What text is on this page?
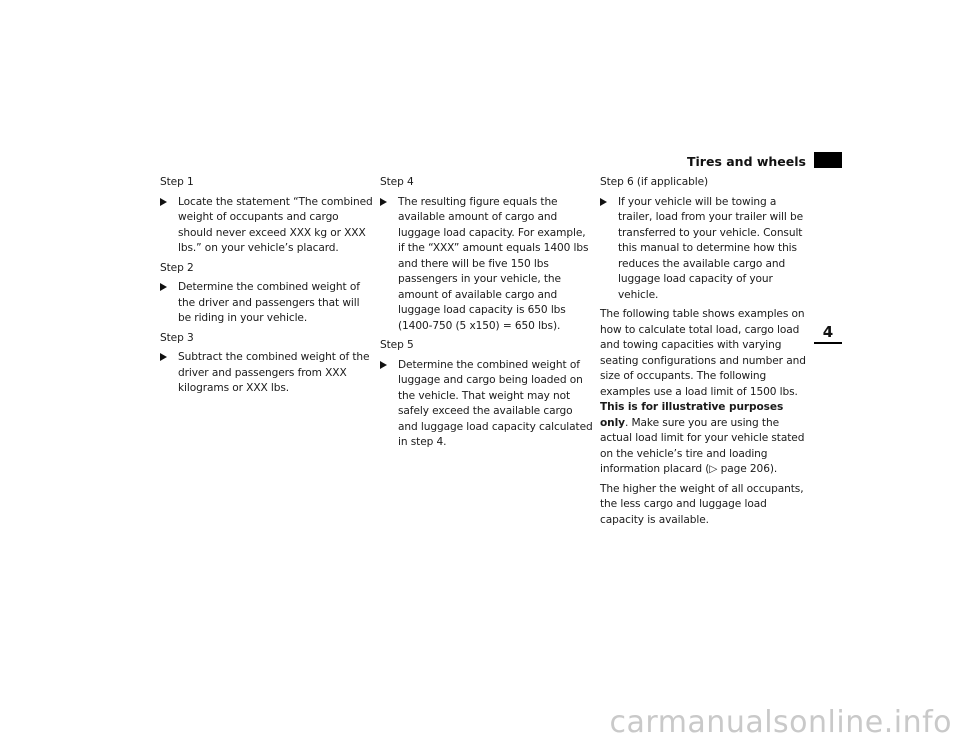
Tires and wheels
4
Step 1
Locate the statement “The combined weight of occupants and cargo should never exceed XXX kg or XXX lbs.” on your vehicle’s placard.
Step 2
Determine the combined weight of the driver and passengers that will be riding in your vehicle.
Step 3
Subtract the combined weight of the driver and passengers from XXX kilograms or XXX lbs.
Step 4
The resulting figure equals the available amount of cargo and luggage load capacity. For example, if the “XXX” amount equals 1400 lbs and there will be five 150 lbs passengers in your vehicle, the amount of available cargo and luggage load capacity is 650 lbs (1400-750 (5 x150) = 650 lbs).
Step 5
Determine the combined weight of luggage and cargo being loaded on the vehicle. That weight may not safely exceed the available cargo and luggage load capacity calculated in step 4.
Step 6 (if applicable)
If your vehicle will be towing a trailer, load from your trailer will be transferred to your vehicle. Consult this manual to determine how this reduces the available cargo and luggage load capacity of your vehicle.
The following table shows examples on how to calculate total load, cargo load and towing capacities with varying seating configurations and number and size of occupants. The following examples use a load limit of 1500 lbs. This is for illustrative purposes only. Make sure you are using the actual load limit for your vehicle stated on the vehicle’s tire and loading information placard (▷ page 206).
The higher the weight of all occupants, the less cargo and luggage load capacity is available.
carmanualsonline.info
